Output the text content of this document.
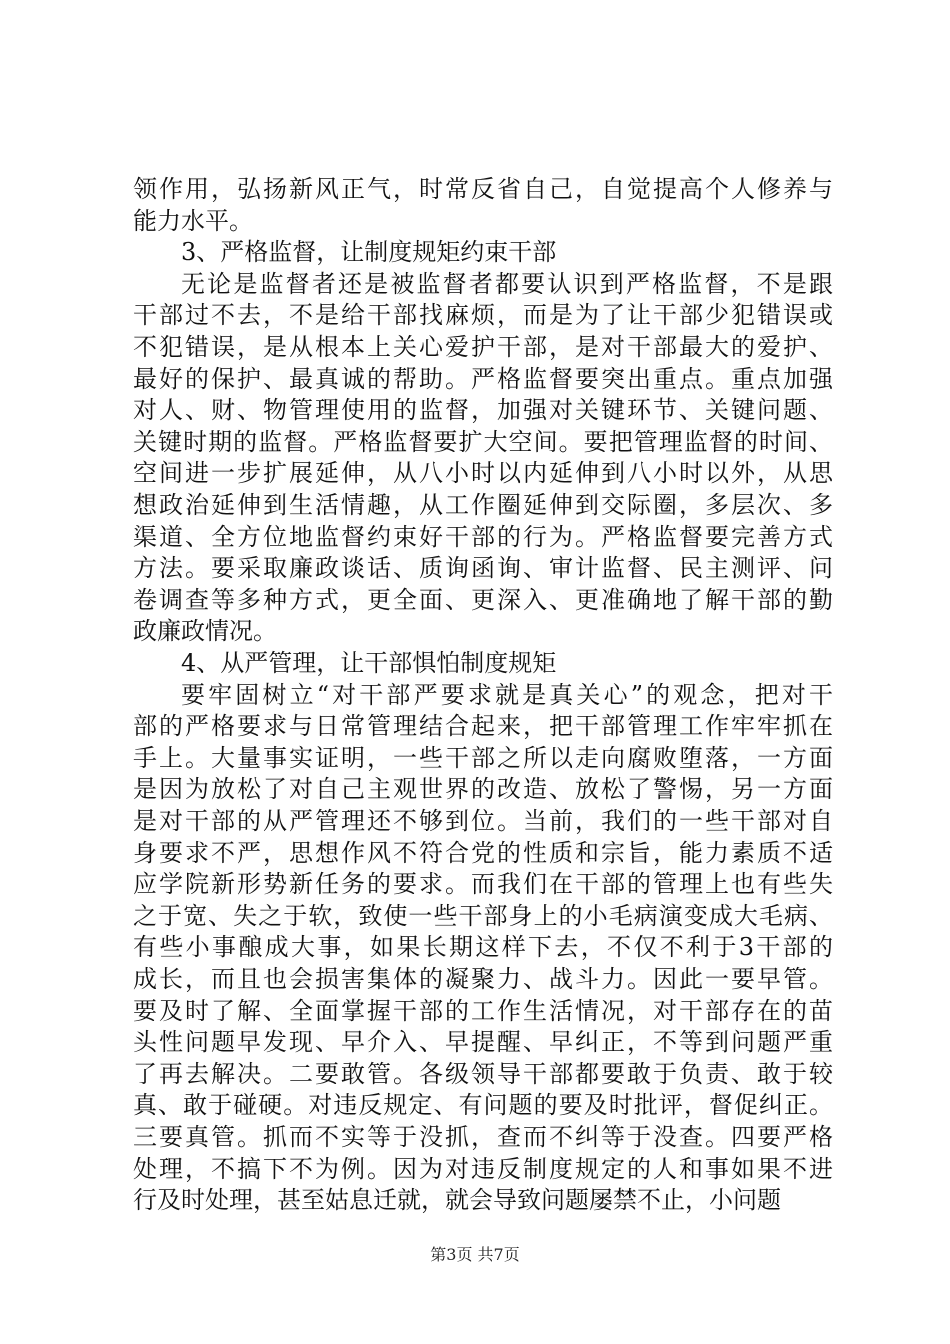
领作用，弘扬新风正气，时常反省自己，自觉提高个人修养与
能力水平。
3、严格监督，让制度规矩约束干部
无论是监督者还是被监督者都要认识到严格监督，不是跟
干部过不去，不是给干部找麻烦，而是为了让干部少犯错误或
不犯错误，是从根本上关心爱护干部，是对干部最大的爱护、
最好的保护、最真诚的帮助。严格监督要突出重点。重点加强
对人、财、物管理使用的监督，加强对关键环节、关键问题、
关键时期的监督。严格监督要扩大空间。要把管理监督的时间、
空间进一步扩展延伸，从八小时以内延伸到八小时以外，从思
想政治延伸到生活情趣，从工作圈延伸到交际圈，多层次、多
渠道、全方位地监督约束好干部的行为。严格监督要完善方式
方法。要采取廉政谈话、质询函询、审计监督、民主测评、问
卷调查等多种方式，更全面、更深入、更准确地了解干部的勤
政廉政情况。
4、从严管理，让干部惧怕制度规矩
要牢固树立“对干部严要求就是真关心”的观念，把对干
部的严格要求与日常管理结合起来，把干部管理工作牢牢抓在
手上。大量事实证明，一些干部之所以走向腐败堕落，一方面
是因为放松了对自己主观世界的改造、放松了警惕，另一方面
是对干部的从严管理还不够到位。当前，我们的一些干部对自
身要求不严，思想作风不符合党的性质和宗旨，能力素质不适
应学院新形势新任务的要求。而我们在干部的管理上也有些失
之于宽、失之于软，致使一些干部身上的小毛病演变成大毛病、
有些小事酿成大事，如果长期这样下去，不仅不利于3干部的
成长，而且也会损害集体的凝聚力、战斗力。因此一要早管。
要及时了解、全面掌握干部的工作生活情况，对干部存在的苗
头性问题早发现、早介入、早提醒、早纠正，不等到问题严重
了再去解决。二要敢管。各级领导干部都要敢于负责、敢于较
真、敢于碰硬。对违反规定、有问题的要及时批评，督促纠正。
三要真管。抓而不实等于没抓，查而不纠等于没查。四要严格
处理，不搞下不为例。因为对违反制度规定的人和事如果不进
行及时处理，甚至姑息迁就，就会导致问题屡禁不止，小问题
第3页 共7页
